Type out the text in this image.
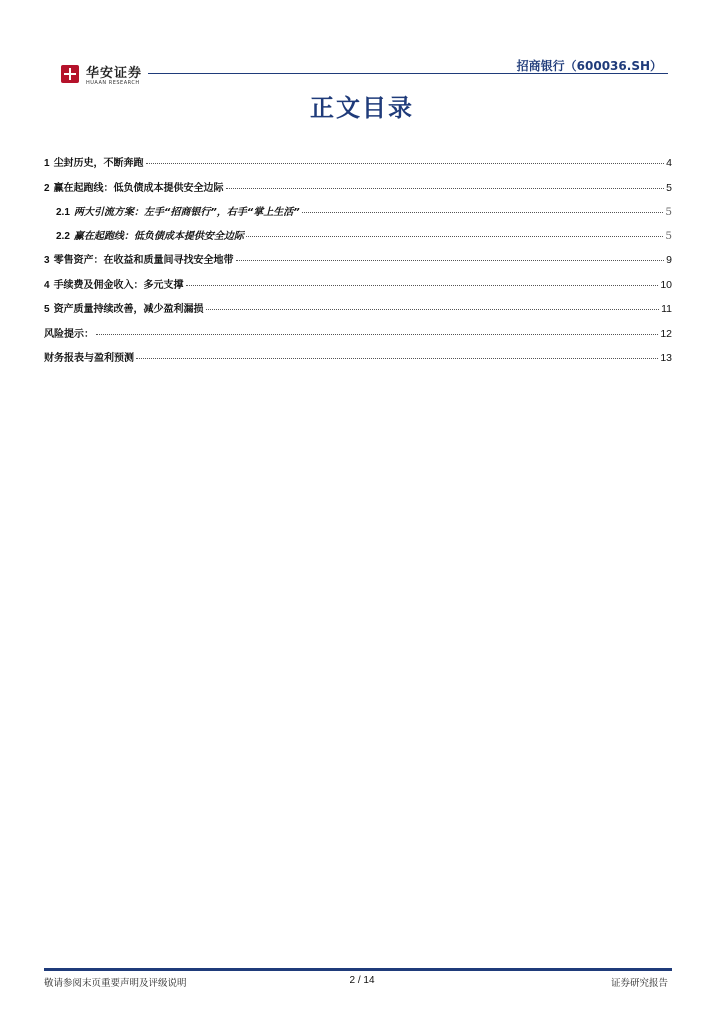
华安证券
HUAAN RESEARCH
招商银行（600036.SH）
正文目录
1 尘封历史，不断奔跑	4
2 赢在起跑线：低负债成本提供安全边际	5
2.1 两大引流方案：左手“招商银行”，右手“掌上生活”	5
2.2 赢在起跑线：低负债成本提供安全边际	5
3 零售资产：在收益和质量间寻找安全地带	9
4 手续费及佣金收入：多元支撑	10
5 资产质量持续改善，减少盈利漏损	11
风险提示：	12
财务报表与盈利预测	13
敬请参阅末页重要声明及评级说明	2 / 14	证券研究报告
